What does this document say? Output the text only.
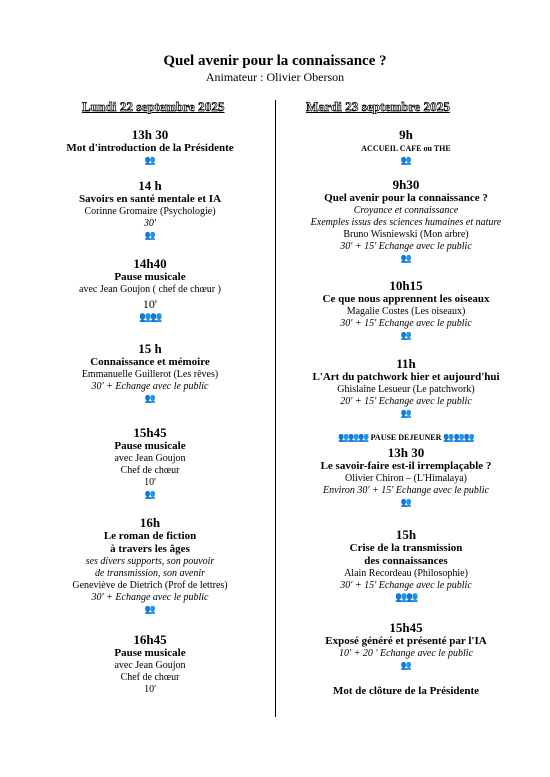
Quel avenir pour la connaissance ?
Animateur : Olivier Oberson
Lundi 22 septembre 2025	Mardi 23 septembre 2025
13h 30
Mot d'introduction de la Présidente
👥
14 h
Savoirs en santé mentale et IA
Corinne Gromaire (Psychologie)
30'
👥
14h40
Pause musicale
avec Jean Goujon ( chef de chœur )
10'
👥👥
15 h
Connaissance et mémoire
Emmanuelle Guillerot (Les rêves)
30' + Echange avec le public
👥
15h45
Pause musicale
avec Jean Goujon
Chef de chœur
10'
👥
16h
Le roman de fiction
à travers les âges
ses divers supports, son pouvoir
de transmission, son avenir
Geneviève de Dietrich (Prof de lettres)
30' + Echange avec le public
👥
16h45
Pause musicale
avec Jean Goujon
Chef de chœur
10'
9h
ACCUEIL CAFE ou THE
👥
9h30
Quel avenir pour la connaissance ?
Croyance et connaissance
Exemples issus des sciences humaines et nature
Bruno Wisniewski (Mon arbre)
30' + 15' Echange avec le public
👥
10h15
Ce que nous apprennent les oiseaux
Magalie Costes (Les oiseaux)
30' + 15' Echange avec le public
👥
11h
L'Art du patchwork hier et aujourd'hui
Ghislaine Lesueur (Le patchwork)
20' + 15' Echange avec le public
👥
👥👥👥 PAUSE DEJEUNER 👥👥👥
13h 30
Le savoir-faire est-il irremplaçable ?
Olivier Chiron – (L'Himalaya)
Environ 30' + 15' Echange avec le public
👥
15h
Crise de la transmission
des connaissances
Alain Recordeau (Philosophie)
30' + 15' Echange avec le public
👥👥
15h45
Exposé généré et présenté par l'IA
10' + 20 ' Echange avec le public
👥
Mot de clôture de la Présidente
